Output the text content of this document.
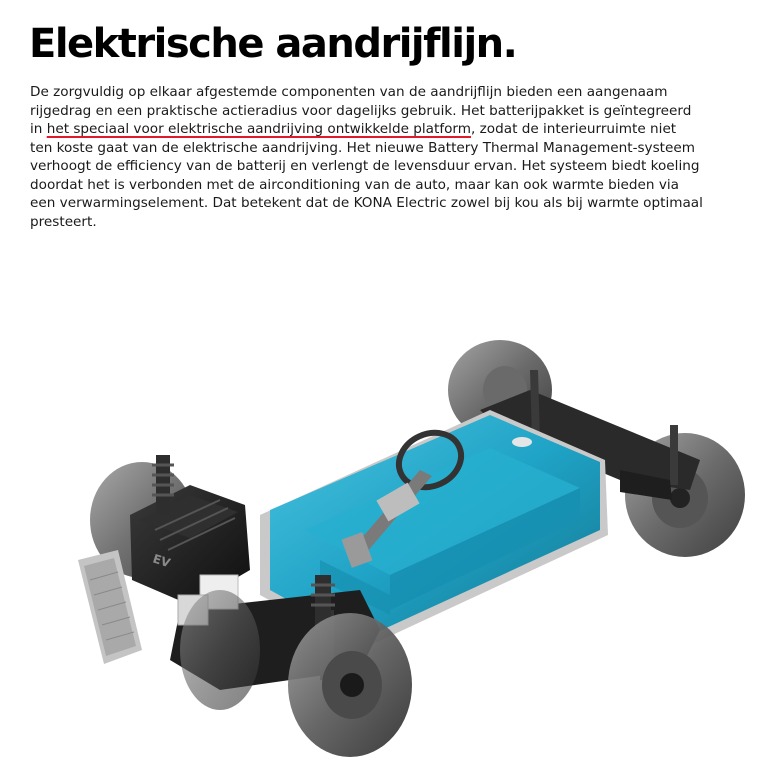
Elektrische aandrijflijn.

De zorgvuldig op elkaar afgestemde componenten van de aandrijflijn bieden een aangenaam
rijgedrag en een praktische actieradius voor dagelijks gebruik. Het batterijpakket is geïntegreerd
in het speciaal voor elektrische aandrijving ontwikkelde platform, zodat de interieurruimte niet
ten koste gaat van de elektrische aandrijving. Het nieuwe Battery Thermal Management-systeem
verhoogt de efficiency van de batterij en verlengt de levensduur ervan. Het systeem biedt koeling
doordat het is verbonden met de airconditioning van de auto, maar kan ook warmte bieden via
een verwarmingselement. Dat betekent dat de KONA Electric zowel bij kou als bij warmte optimaal
presteert.

EV
